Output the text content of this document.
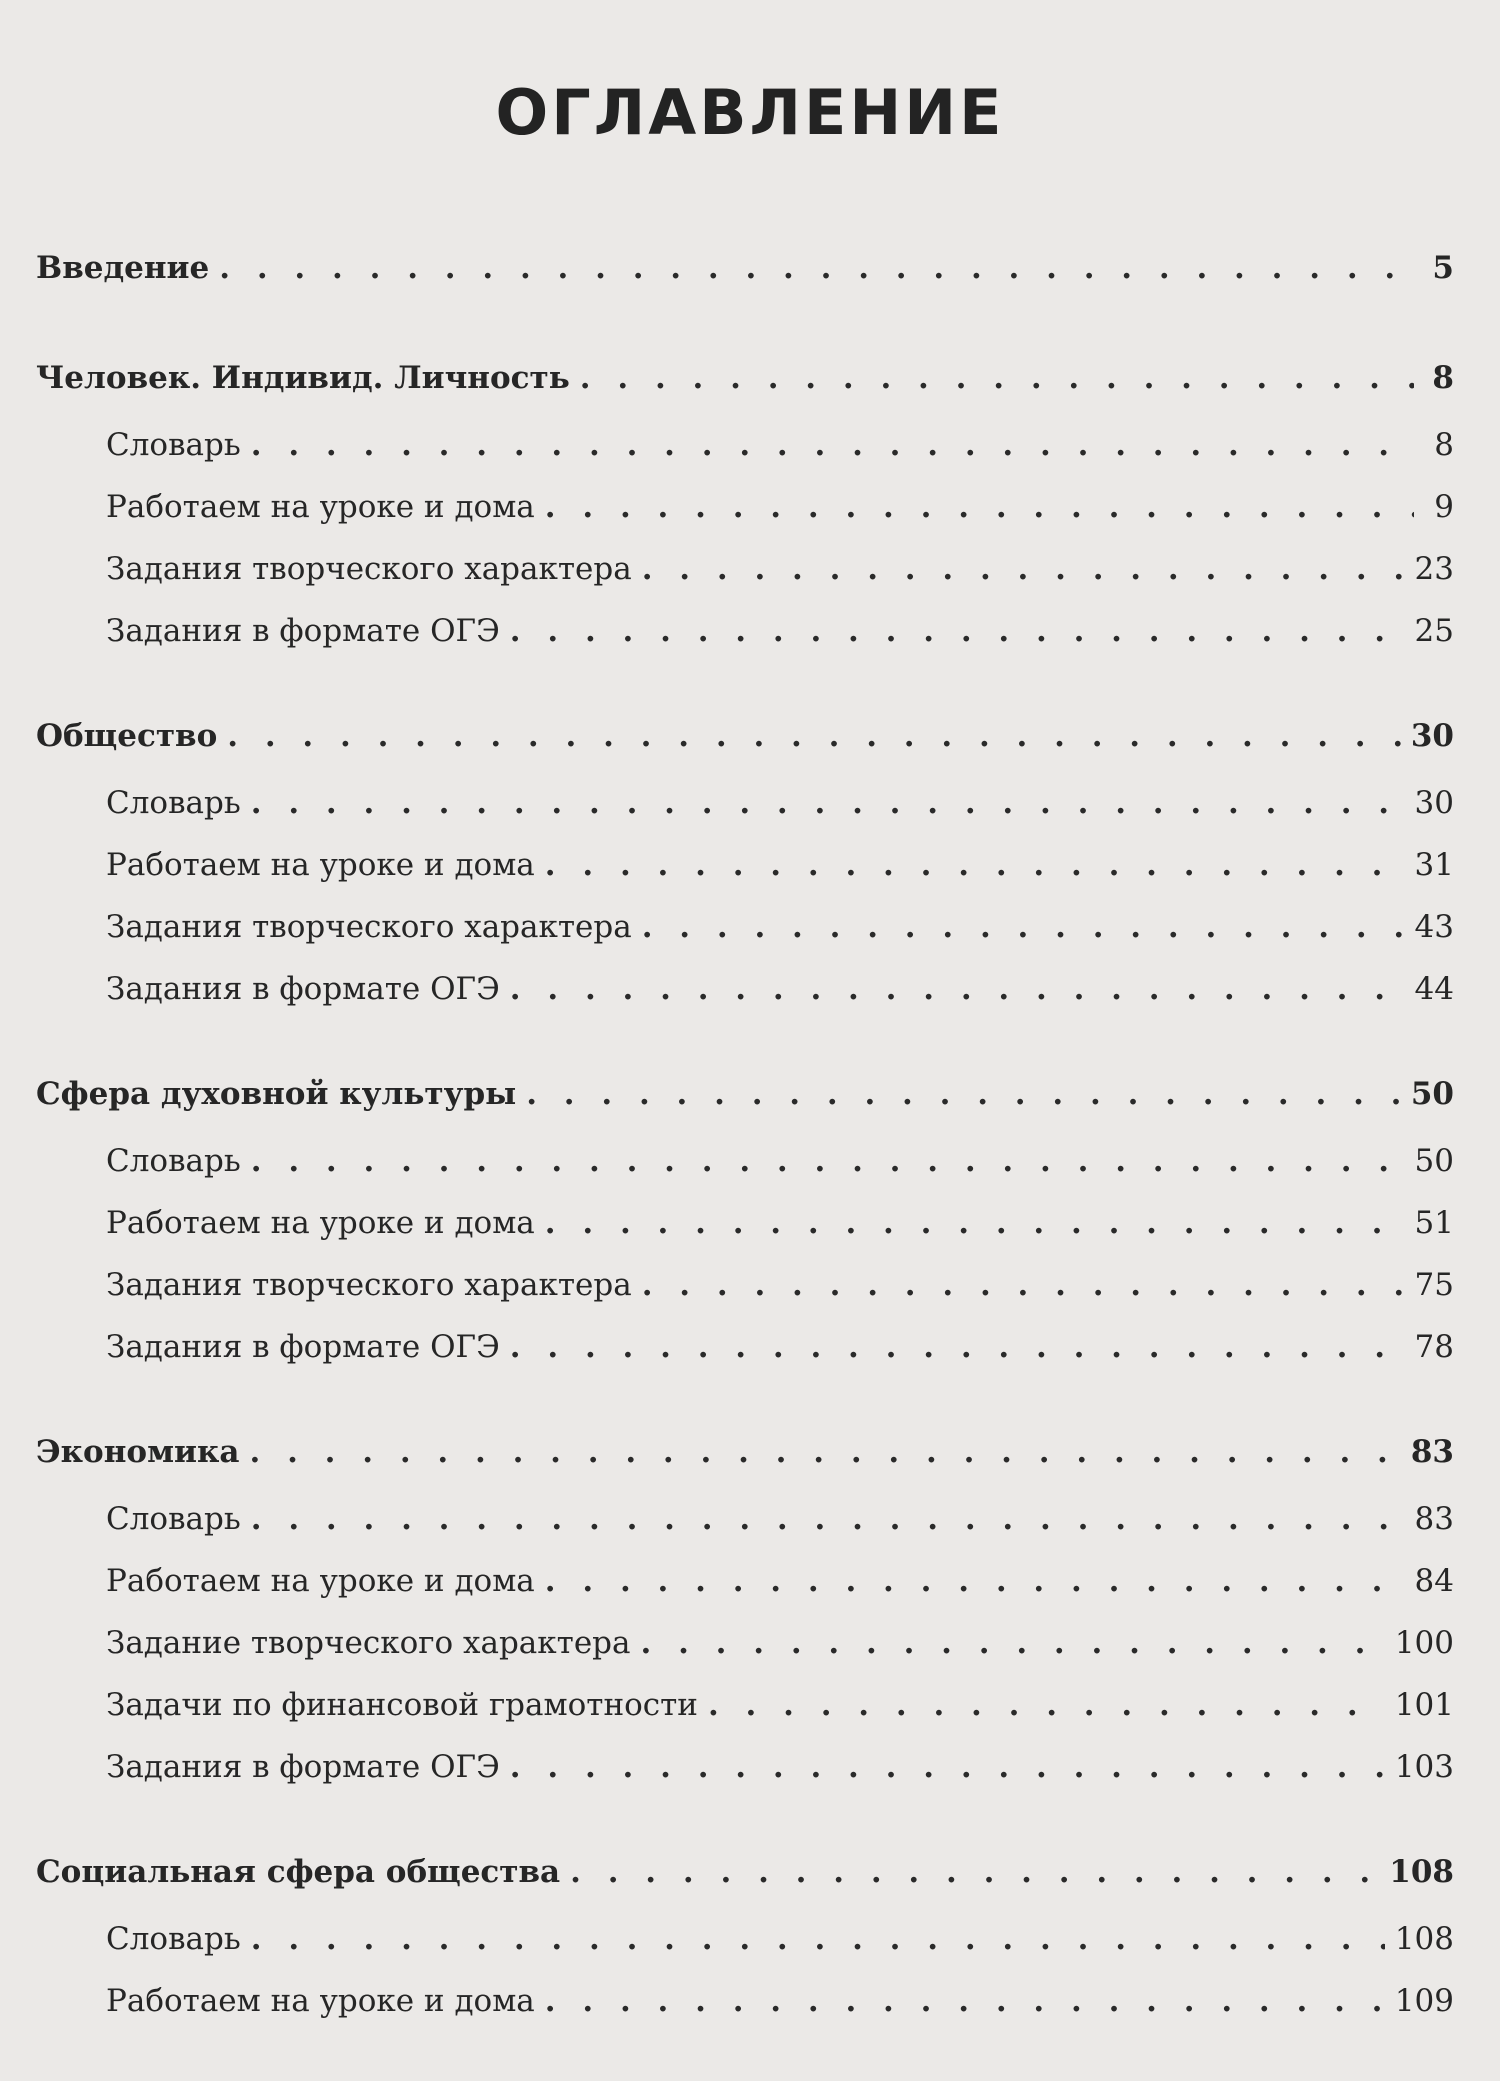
ОГЛАВЛЕНИЕ
Введение . . .	5
Человек. Индивид. Личность . . .	8
Словарь . . .	8
Работаем на уроке и дома . . .	9
Задания творческого характера . . .	23
Задания в формате ОГЭ . . .	25
Общество . . .	30
Словарь . . .	30
Работаем на уроке и дома . . .	31
Задания творческого характера . . .	43
Задания в формате ОГЭ . . .	44
Сфера духовной культуры . . .	50
Словарь . . .	50
Работаем на уроке и дома . . .	51
Задания творческого характера . . .	75
Задания в формате ОГЭ . . .	78
Экономика . . .	83
Словарь . . .	83
Работаем на уроке и дома . . .	84
Задание творческого характера . . .	100
Задачи по финансовой грамотности . . .	101
Задания в формате ОГЭ . . .	103
Социальная сфера общества . . .	108
Словарь . . .	108
Работаем на уроке и дома . . .	109
